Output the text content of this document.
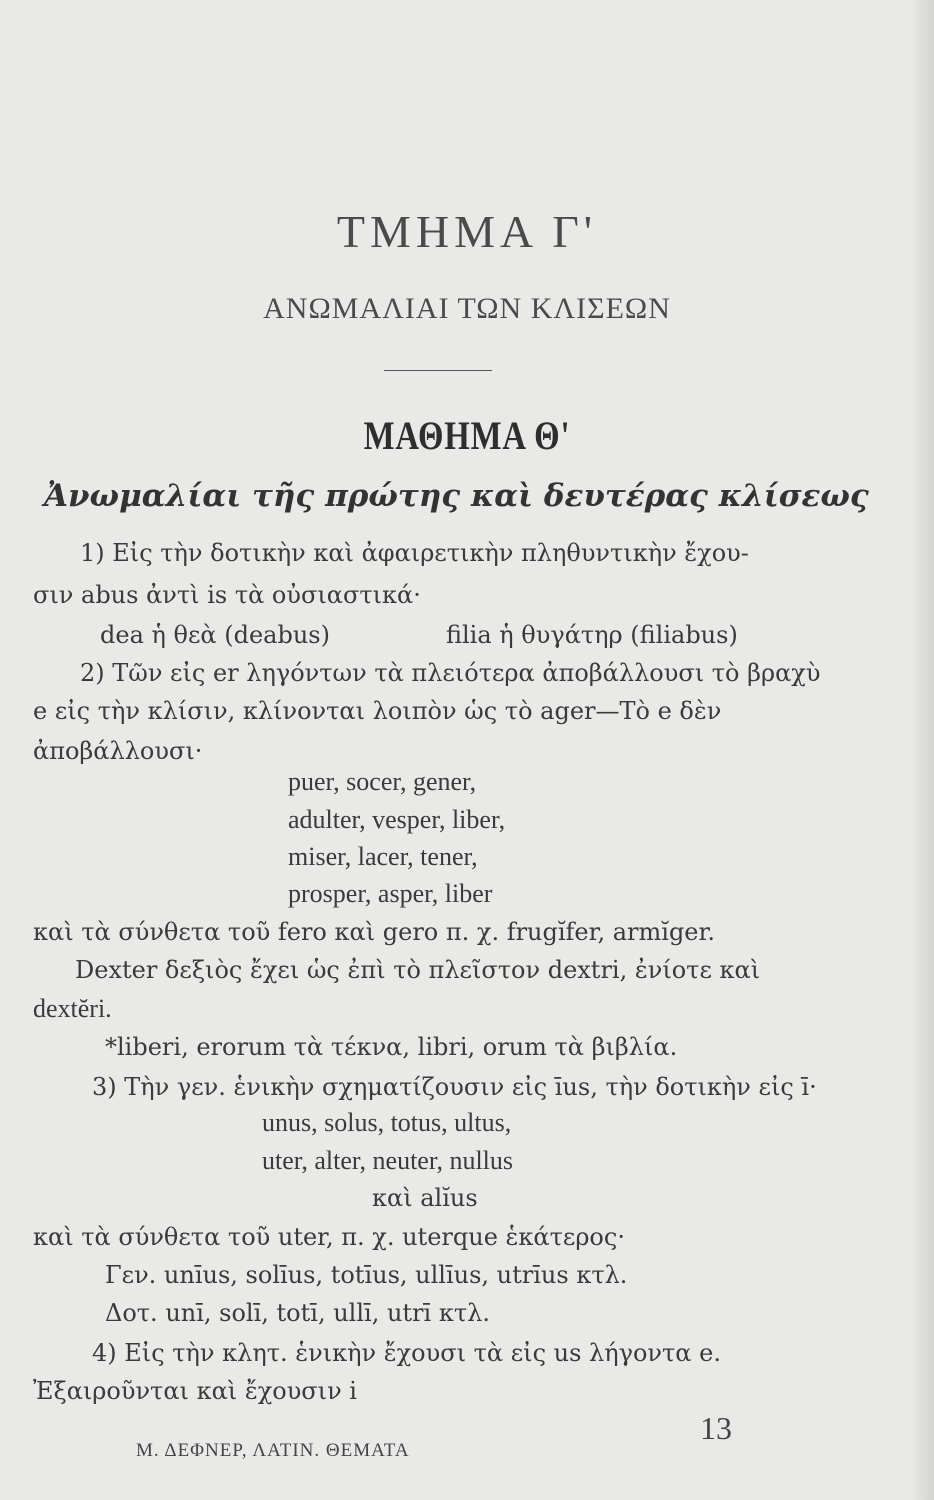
ΤΜΗΜΑ Γ'
ΑΝΩΜΑΛΙΑΙ ΤΩΝ ΚΛΙΣΕΩΝ
ΜΑΘΗΜΑ Θ'
Ἀνωμαλίαι τῆς πρώτης καὶ δευτέρας κλίσεως
1) Εἰς τὴν δοτικὴν καὶ ἀφαιρετικὴν πληθυντικὴν ἔχου-
σιν abus ἀντὶ is τὰ οὐσιαστικά·
dea ἡ θεὰ (deabus)	filia ἡ θυγάτηρ (filiabus)
2) Τῶν εἰς er ληγόντων τὰ πλειότερα ἀποβάλλουσι τὸ βραχὺ
e εἰς τὴν κλίσιν, κλίνονται λοιπὸν ὡς τὸ ager—Τὸ e δὲν
ἀποβάλλουσι·
puer, socer, gener,
adulter, vesper, liber,
miser, lacer, tener,
prosper, asper, liber
καὶ τὰ σύνθετα τοῦ fero καὶ gero π. χ. frugĭfer, armĭger.
Dexter δεξιὸς ἔχει ὡς ἐπὶ τὸ πλεῖστον dextri, ἐνίοτε καὶ
dextĕri.
*liberi, erorum τὰ τέκνα, libri, orum τὰ βιβλία.
3) Τὴν γεν. ἑνικὴν σχηματίζουσιν εἰς īus, τὴν δοτικὴν εἰς ī·
unus, solus, totus, ultus,
uter, alter, neuter, nullus
καὶ alĭus
καὶ τὰ σύνθετα τοῦ uter, π. χ. uterque ἑκάτερος·
Γεν. unīus, solīus, totīus, ullīus, utrīus κτλ.
Δοτ. unī, solī, totī, ullī, utrī κτλ.
4) Εἰς τὴν κλητ. ἑνικὴν ἔχουσι τὰ εἰς us λήγοντα e.
Ἐξαιροῦνται καὶ ἔχουσιν i
Μ. ΔΕΦΝΕΡ, ΛΑΤΙΝ. ΘΕΜΑΤΑ
13
